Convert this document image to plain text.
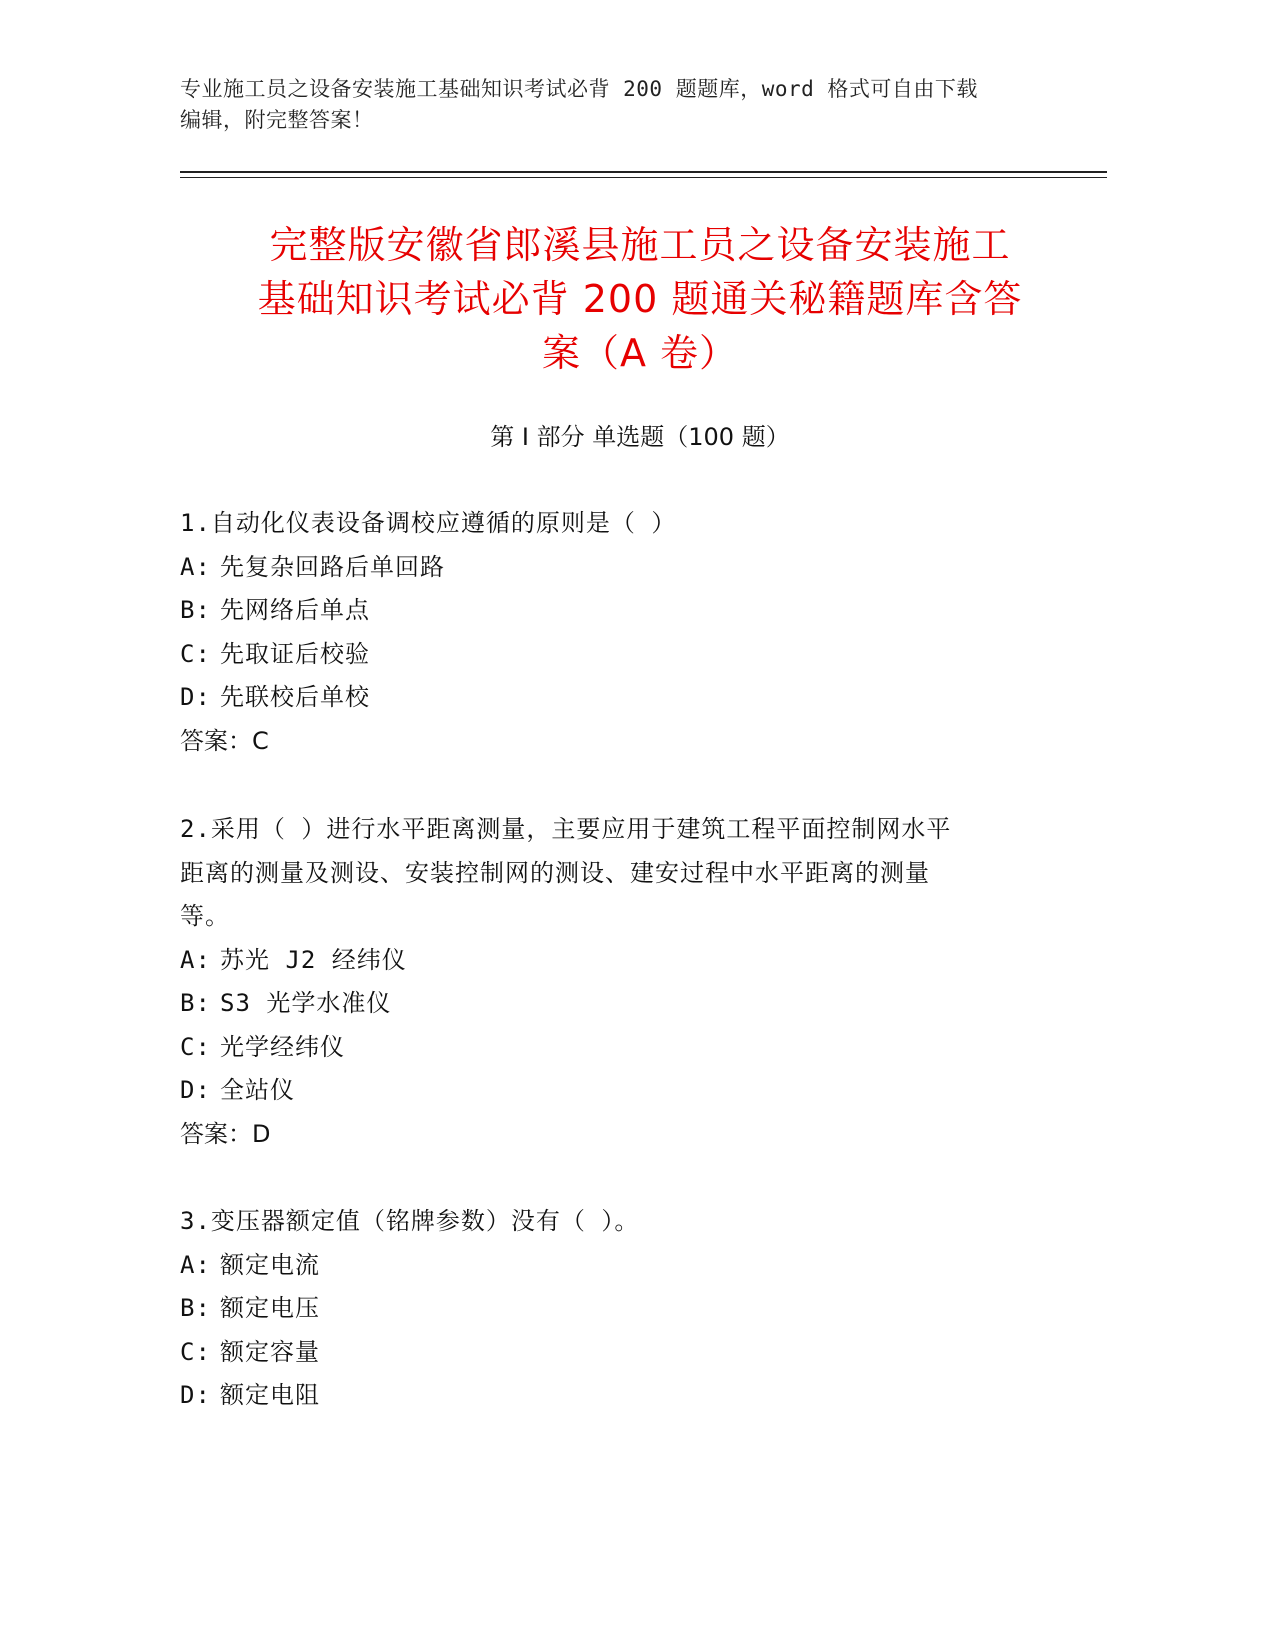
专业施工员之设备安装施工基础知识考试必背 200 题题库，word 格式可自由下载
编辑，附完整答案！
完整版安徽省郎溪县施工员之设备安装施工
基础知识考试必背 200 题通关秘籍题库含答
案（A 卷）
第 I 部分 单选题（100 题）

1.自动化仪表设备调校应遵循的原则是（ ）

A: 先复杂回路后单回路

B: 先网络后单点

C: 先取证后校验

D: 先联校后单校

答案：C

2.采用（ ）进行水平距离测量，主要应用于建筑工程平面控制网水平

距离的测量及测设、安装控制网的测设、建安过程中水平距离的测量

等。

A: 苏光 J2 经纬仪

B: S3 光学水准仪

C: 光学经纬仪

D: 全站仪

答案：D

3.变压器额定值（铭牌参数）没有（ ）。

A: 额定电流

B: 额定电压

C: 额定容量

D: 额定电阻
